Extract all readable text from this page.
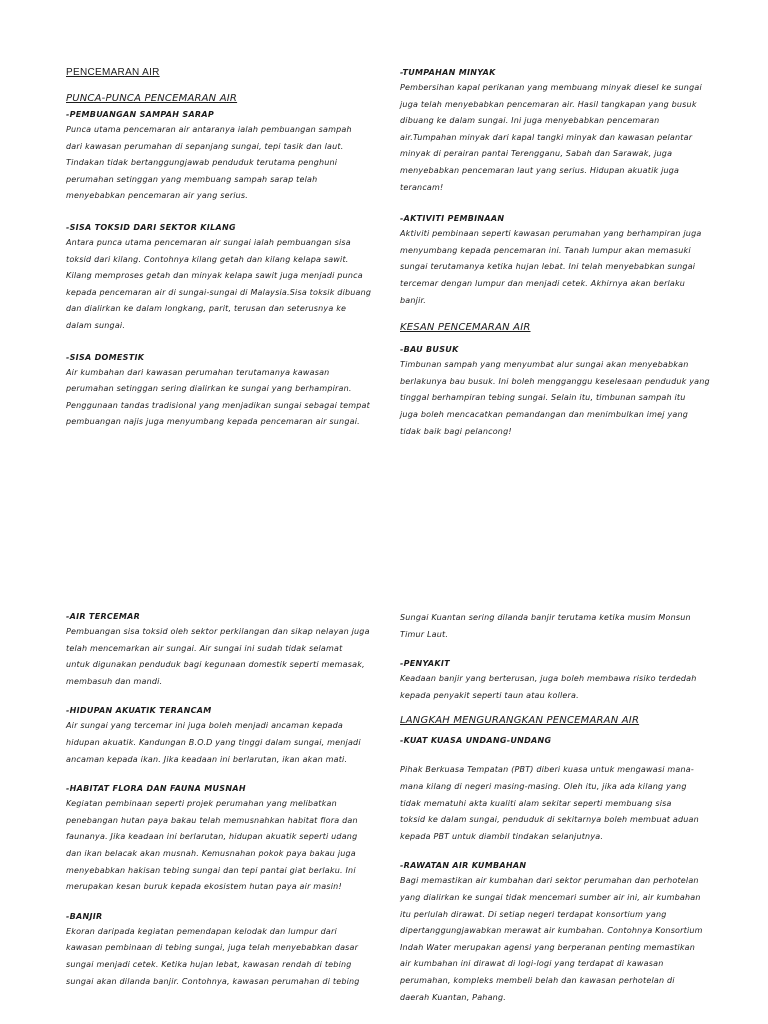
PENCEMARAN AIR
PUNCA-PUNCA PENCEMARAN AIR
-PEMBUANGAN SAMPAH SARAP

Punca utama pencemaran air antaranya ialah pembuangan sampah
dari kawasan perumahan di sepanjang sungai, tepi tasik dan laut.
Tindakan tidak bertanggungjawab penduduk terutama penghuni
perumahan setinggan yang membuang sampah sarap telah
menyebabkan pencemaran air yang serius.

-SISA TOKSID DARI SEKTOR KILANG

Antara punca utama pencemaran air sungai ialah pembuangan sisa
toksid dari kilang. Contohnya kilang getah dan kilang kelapa sawit.
Kilang memproses getah dan minyak kelapa sawit juga menjadi punca
kepada pencemaran air di sungai-sungai di Malaysia.Sisa toksik dibuang
dan dialirkan ke dalam longkang, parit, terusan dan seterusnya ke
dalam sungai.

-SISA DOMESTIK

Air kumbahan dari kawasan perumahan terutamanya kawasan
perumahan setinggan sering dialirkan ke sungai yang berhampiran.
Penggunaan tandas tradisional yang menjadikan sungai sebagai tempat
pembuangan najis juga menyumbang kepada pencemaran air sungai.

-TUMPAHAN MINYAK

Pembersihan kapal perikanan yang membuang minyak diesel ke sungai
juga telah menyebabkan pencemaran air. Hasil tangkapan yang busuk
dibuang ke dalam sungai. Ini juga menyebabkan pencemaran
air.Tumpahan minyak dari kapal tangki minyak dan kawasan pelantar
minyak di perairan pantai Terengganu, Sabah dan Sarawak, juga
menyebabkan pencemaran laut yang serius. Hidupan akuatik juga
terancam!

-AKTIVITI PEMBINAAN

Aktiviti pembinaan seperti kawasan perumahan yang berhampiran juga
menyumbang kepada pencemaran ini. Tanah lumpur akan memasuki
sungai terutamanya ketika hujan lebat. Ini telah menyebabkan sungai
tercemar dengan lumpur dan menjadi cetek. Akhirnya akan berlaku
banjir.

KESAN PENCEMARAN AIR
-BAU BUSUK

Timbunan sampah yang menyumbat alur sungai akan menyebabkan
berlakunya bau busuk. Ini boleh mengganggu keselesaan penduduk yang
tinggal berhampiran tebing sungai. Selain itu, timbunan sampah itu
juga boleh mencacatkan pemandangan dan menimbulkan imej yang
tidak baik bagi pelancong!

-AIR TERCEMAR

Pembuangan sisa toksid oleh sektor perkilangan dan sikap nelayan juga
telah mencemarkan air sungai. Air sungai ini sudah tidak selamat
untuk digunakan penduduk bagi kegunaan domestik seperti memasak,
membasuh dan mandi.

-HIDUPAN AKUATIK TERANCAM

Air sungai yang tercemar ini juga boleh menjadi ancaman kepada
hidupan akuatik. Kandungan B.O.D yang tinggi dalam sungai, menjadi
ancaman kepada ikan. Jika keadaan ini berlarutan, ikan akan mati.

-HABITAT FLORA DAN FAUNA MUSNAH

Kegiatan pembinaan seperti projek perumahan yang melibatkan
penebangan hutan paya bakau telah memusnahkan habitat flora dan
faunanya. Jika keadaan ini berlarutan, hidupan akuatik seperti udang
dan ikan belacak akan musnah. Kemusnahan pokok paya bakau juga
menyebabkan hakisan tebing sungai dan tepi pantai giat berlaku. Ini
merupakan kesan buruk kepada ekosistem hutan paya air masin!

-BANJIR

Ekoran daripada kegiatan pemendapan kelodak dan lumpur dari
kawasan pembinaan di tebing sungai, juga telah menyebabkan dasar
sungai menjadi cetek. Ketika hujan lebat, kawasan rendah di tebing
sungai akan dilanda banjir. Contohnya, kawasan perumahan di tebing

Sungai Kuantan sering dilanda banjir terutama ketika musim Monsun
Timur Laut.

-PENYAKIT

Keadaan banjir yang berterusan, juga boleh membawa risiko terdedah
kepada penyakit seperti taun atau kollera.

LANGKAH MENGURANGKAN PENCEMARAN AIR
-KUAT KUASA UNDANG-UNDANG

Pihak Berkuasa Tempatan (PBT) diberi kuasa untuk mengawasi mana-
mana kilang di negeri masing-masing. Oleh itu, jika ada kilang yang
tidak mematuhi akta kualiti alam sekitar seperti membuang sisa
toksid ke dalam sungai, penduduk di sekitarnya boleh membuat aduan
kepada PBT untuk diambil tindakan selanjutnya.

-RAWATAN AIR KUMBAHAN

Bagi memastikan air kumbahan dari sektor perumahan dan perhotelan
yang dialirkan ke sungai tidak mencemari sumber air ini, air kumbahan
itu perlulah dirawat. Di setiap negeri terdapat konsortium yang
dipertanggungjawabkan merawat air kumbahan. Contohnya Konsortium
Indah Water merupakan agensi yang berperanan penting memastikan
air kumbahan ini dirawat di logi-logi yang terdapat di kawasan
perumahan, kompleks membeli belah dan kawasan perhotelan di
daerah Kuantan, Pahang.
